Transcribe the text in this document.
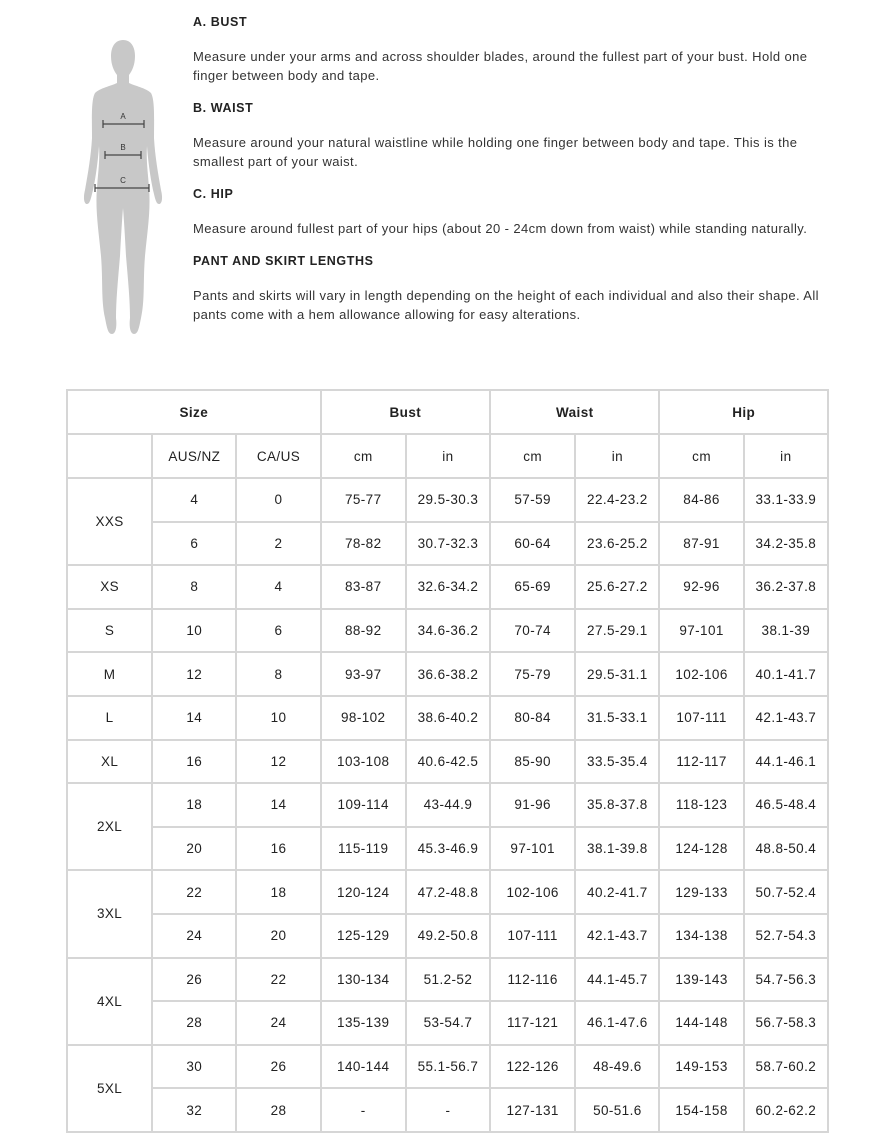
A
B
C
A. BUST
Measure under your arms and across shoulder blades, around the fullest part of your bust. Hold one finger between body and tape.
B. WAIST
Measure around your natural waistline while holding one finger between body and tape. This is the smallest part of your waist.
C. HIP
Measure around fullest part of your hips (about 20 - 24cm down from waist) while standing naturally.
PANT AND SKIRT LENGTHS
Pants and skirts will vary in length depending on the height of each individual and also their shape. All pants come with a hem allowance allowing for easy alterations.
Size			Bust		Waist		Hip	
	AUS/NZ	CA/US	cm	in	cm	in	cm	in
XXS	4	0	75-77	29.5-30.3	57-59	22.4-23.2	84-86	33.1-33.9
	6	2	78-82	30.7-32.3	60-64	23.6-25.2	87-91	34.2-35.8
XS	8	4	83-87	32.6-34.2	65-69	25.6-27.2	92-96	36.2-37.8
S	10	6	88-92	34.6-36.2	70-74	27.5-29.1	97-101	38.1-39
M	12	8	93-97	36.6-38.2	75-79	29.5-31.1	102-106	40.1-41.7
L	14	10	98-102	38.6-40.2	80-84	31.5-33.1	107-111	42.1-43.7
XL	16	12	103-108	40.6-42.5	85-90	33.5-35.4	112-117	44.1-46.1
2XL	18	14	109-114	43-44.9	91-96	35.8-37.8	118-123	46.5-48.4
	20	16	115-119	45.3-46.9	97-101	38.1-39.8	124-128	48.8-50.4
3XL	22	18	120-124	47.2-48.8	102-106	40.2-41.7	129-133	50.7-52.4
	24	20	125-129	49.2-50.8	107-111	42.1-43.7	134-138	52.7-54.3
4XL	26	22	130-134	51.2-52	112-116	44.1-45.7	139-143	54.7-56.3
	28	24	135-139	53-54.7	117-121	46.1-47.6	144-148	56.7-58.3
5XL	30	26	140-144	55.1-56.7	122-126	48-49.6	149-153	58.7-60.2
	32	28	-	-	127-131	50-51.6	154-158	60.2-62.2
